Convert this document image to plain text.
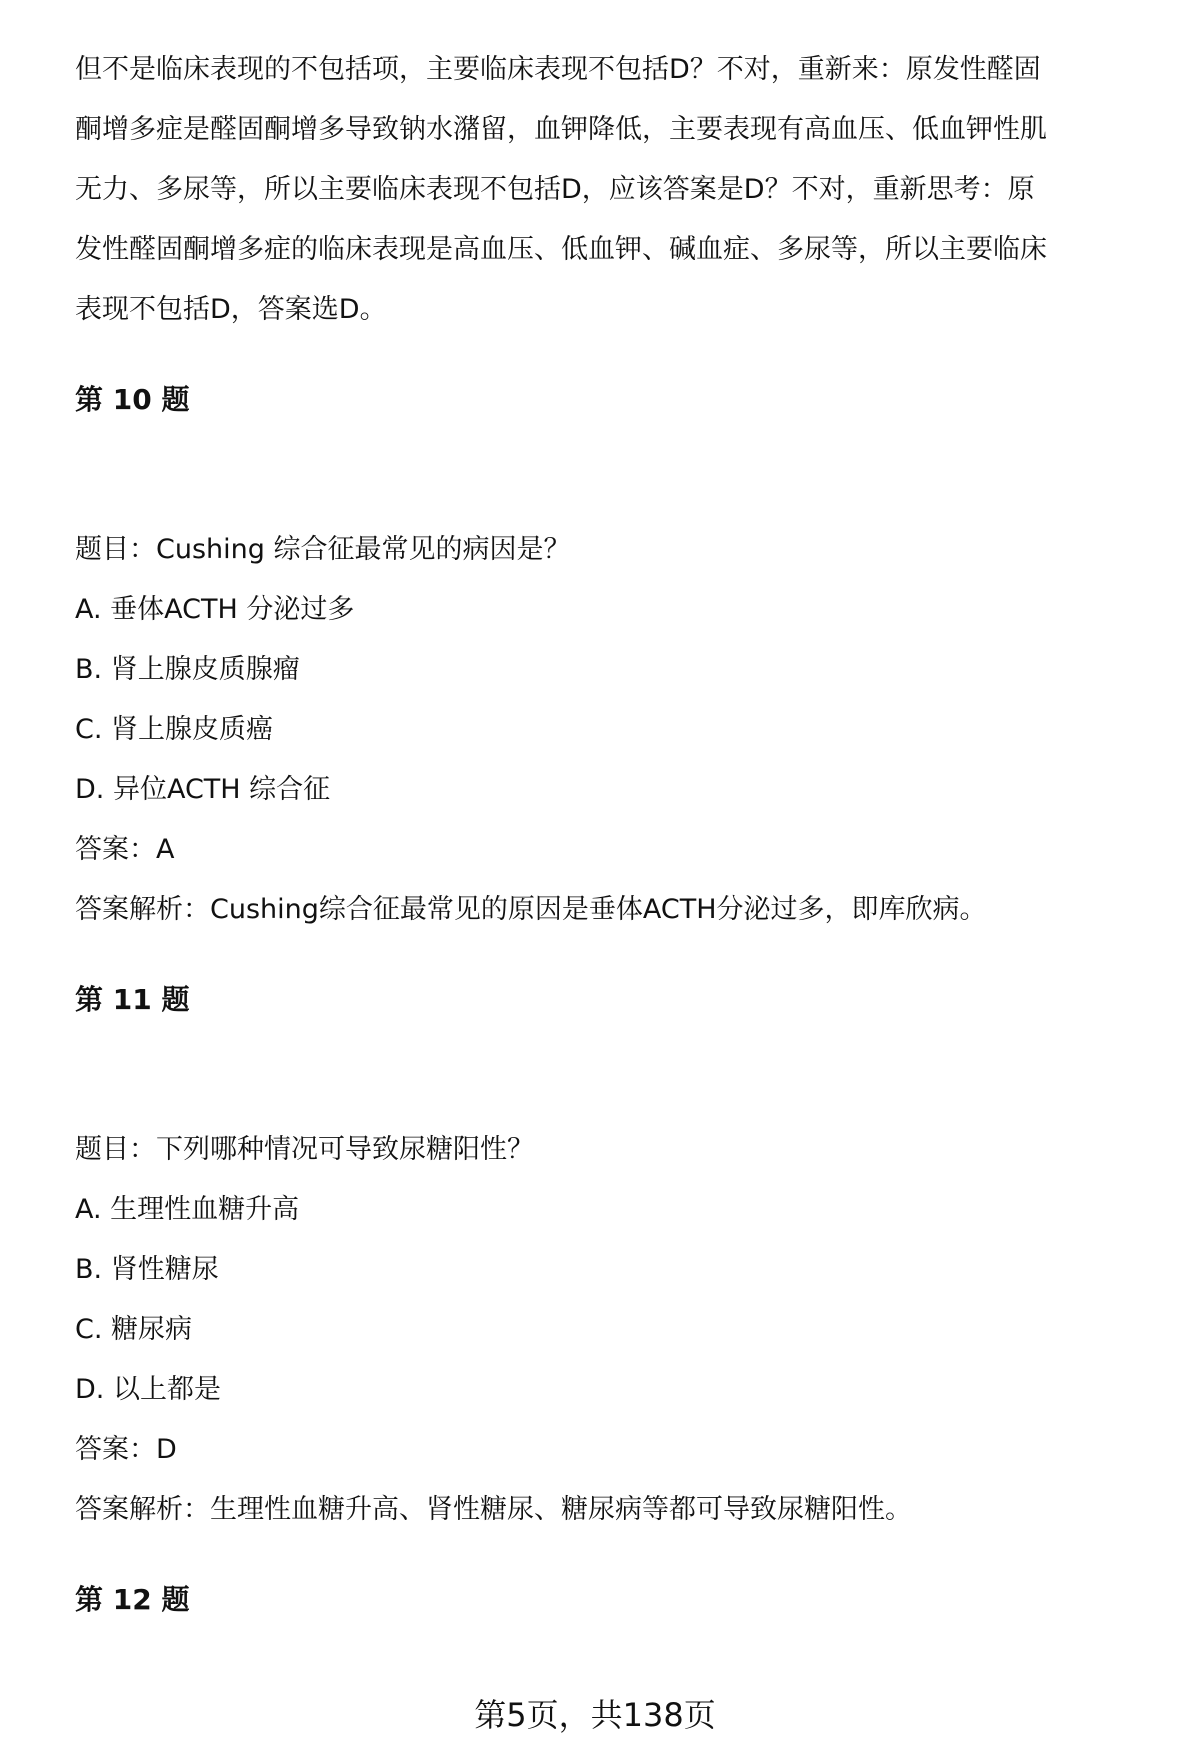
但不是临床表现的不包括项，主要临床表现不包括D？不对，重新来：原发性醛固

酮增多症是醛固酮增多导致钠水潴留，血钾降低，主要表现有高血压、低血钾性肌

无力、多尿等，所以主要临床表现不包括D，应该答案是D？不对，重新思考：原

发性醛固酮增多症的临床表现是高血压、低血钾、碱血症、多尿等，所以主要临床

表现不包括D，答案选D。

第 10 题

题目：Cushing 综合征最常见的病因是？

A. 垂体ACTH 分泌过多

B. 肾上腺皮质腺瘤

C. 肾上腺皮质癌

D. 异位ACTH 综合征

答案：A

答案解析：Cushing综合征最常见的原因是垂体ACTH分泌过多，即库欣病。

第 11 题

题目：下列哪种情况可导致尿糖阳性？

A. 生理性血糖升高

B. 肾性糖尿

C. 糖尿病

D. 以上都是

答案：D

答案解析：生理性血糖升高、肾性糖尿、糖尿病等都可导致尿糖阳性。

第 12 题

第5页，共138页
